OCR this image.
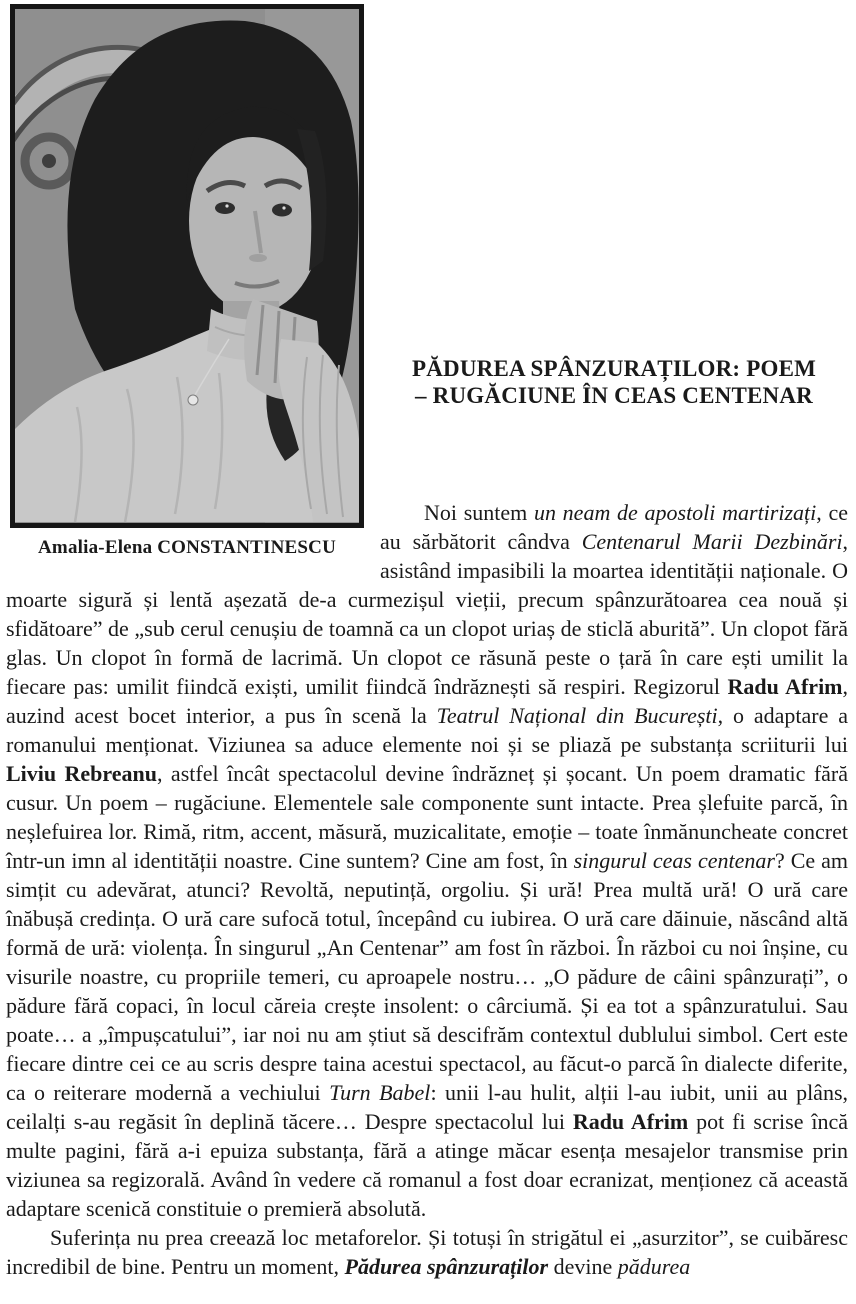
Amalia-Elena CONSTANTINESCU
PĂDUREA SPÂNZURAȚILOR: POEM
– RUGĂCIUNE ÎN CEAS CENTENAR

Noi suntem un neam de apostoli martirizați, ce au sărbătorit cândva Centenarul Marii Dezbinări, asistând impasibili la moartea identității naționale. O moarte sigură și lentă așezată de-a curmezișul vieții, precum spânzurătoarea cea nouă și sfidătoare” de „sub cerul cenușiu de toamnă ca un clopot uriaș de sticlă aburită”. Un clopot fără glas. Un clopot în formă de lacrimă. Un clopot ce răsună peste o țară în care ești umilit la fiecare pas: umilit fiindcă exiști, umilit fiindcă îndrăznești să respiri. Regizorul Radu Afrim, auzind acest bocet interior, a pus în scenă la Teatrul Național din București, o adaptare a romanului menționat. Viziunea sa aduce elemente noi și se pliază pe substanța scriiturii lui Liviu Rebreanu, astfel încât spectacolul devine îndrăzneț și șocant. Un poem dramatic fără cusur. Un poem – rugăciune. Elementele sale componente sunt intacte. Prea șlefuite parcă, în neșlefuirea lor. Rimă, ritm, accent, măsură, muzicalitate, emoție – toate înmănuncheate concret într-un imn al identității noastre. Cine suntem? Cine am fost, în singurul ceas centenar? Ce am simțit cu adevărat, atunci? Revoltă, neputință, orgoliu. Și ură! Prea multă ură! O ură care înăbușă credința. O ură care sufocă totul, începând cu iubirea. O ură care dăinuie, născând altă formă de ură: violența. În singurul „An Centenar” am fost în război. În război cu noi înșine, cu visurile noastre, cu propriile temeri, cu aproapele nostru… „O pădure de câini spânzurați”, o pădure fără copaci, în locul căreia crește insolent: o cârciumă. Și ea tot a spânzuratului. Sau poate… a „împușcatului”, iar noi nu am știut să descifrăm contextul dublului simbol. Cert este fiecare dintre cei ce au scris despre taina acestui spectacol, au făcut-o parcă în dialecte diferite, ca o reiterare modernă a vechiului Turn Babel: unii l-au hulit, alții l-au iubit, unii au plâns, ceilalți s-au regăsit în deplină tăcere… Despre spectacolul lui Radu Afrim pot fi scrise încă multe pagini, fără a-i epuiza substanța, fără a atinge măcar esența mesajelor transmise prin viziunea sa regizorală. Având în vedere că romanul a fost doar ecranizat, menționez că această adaptare scenică constituie o premieră absolută.

Suferința nu prea creează loc metaforelor. Și totuși în strigătul ei „asurzitor”, se cuibăresc incredibil de bine. Pentru un moment, Pădurea spânzuraților devine pădurea
